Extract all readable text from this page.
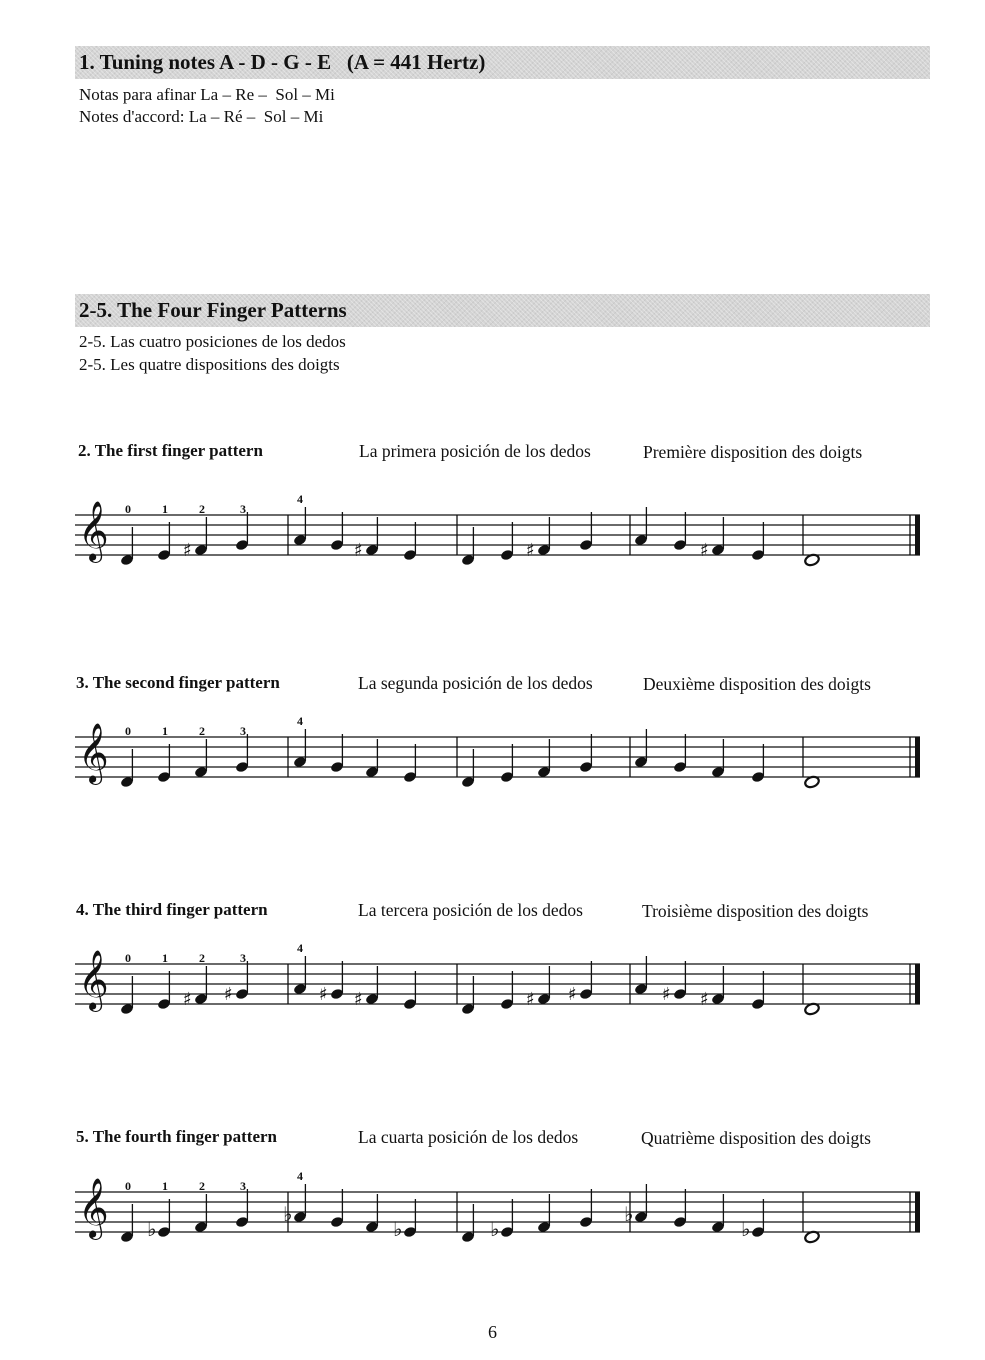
1. Tuning notes A - D - G - E   (A = 441 Hertz)
Notas para afinar La – Re –  Sol – Mi
Notes d'accord: La – Ré –  Sol – Mi
2-5. The Four Finger Patterns
2-5. Las cuatro posiciones de los dedos
2-5. Les quatre dispositions des doigts
2. The first finger pattern	La primera posición de los dedos	Première disposition des doigts
𝄞	♯	♯	♯	♯
0	1	2	3
4
3. The second finger pattern	La segunda posición de los dedos	Deuxième disposition des doigts
𝄞 0	1	2	3
4
4. The third finger pattern	La tercera posición de los dedos	Troisième disposition des doigts
𝄞	♯ ♯	♯ ♯	♯ ♯	♯ ♯
0	1	2	3
4
5. The fourth finger pattern	La cuarta posición de los dedos	Quatrième disposition des doigts
𝄞 ♭
♭
♭	♭
♭
♭
0	1	2	3
4
6
